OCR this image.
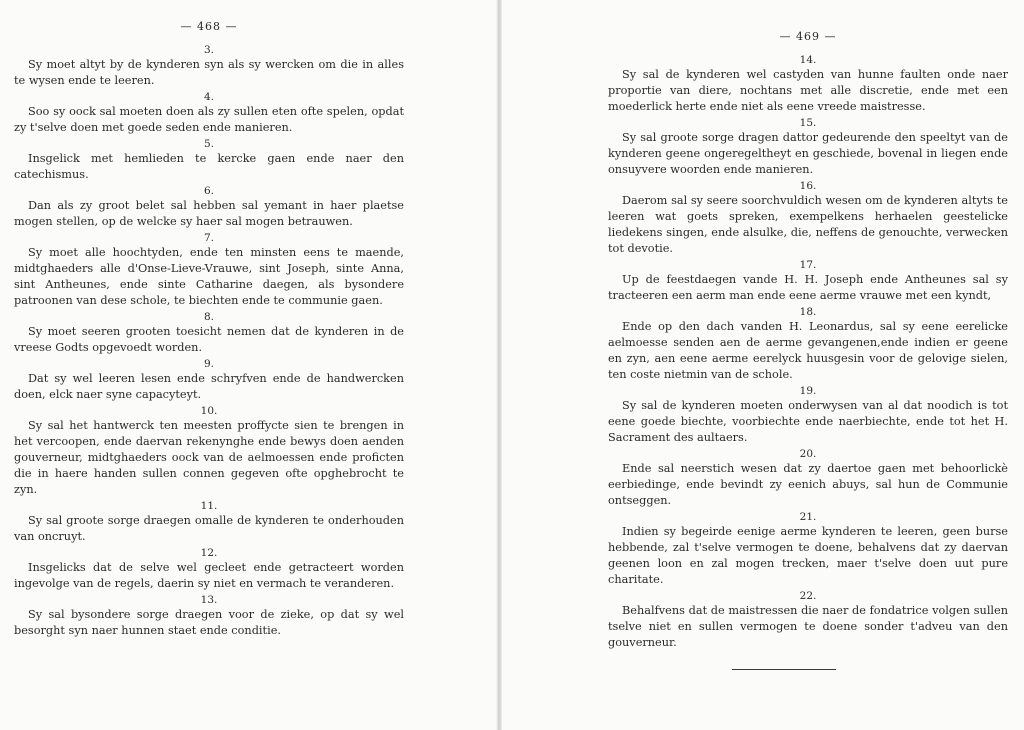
— 468 —
3.
Sy moet altyt by de kynderen syn als sy wercken om die in alles te wysen ende te leeren.
4.
Soo sy oock sal moeten doen als zy sullen eten ofte spelen, opdat zy t'selve doen met goede seden ende manieren.
5.
Insgelick met hemlieden te kercke gaen ende naer den catechismus.
6.
Dan als zy groot belet sal hebben sal yemant in haer plaetse mogen stellen, op de welcke sy haer sal mogen betrauwen.
7.
Sy moet alle hoochtyden, ende ten minsten eens te maende, midtghaeders alle d'Onse-Lieve-Vrauwe, sint Joseph, sinte Anna, sint Antheunes, ende sinte Catharine daegen, als bysondere patroonen van dese schole, te biechten ende te communie gaen.
8.
Sy moet seeren grooten toesicht nemen dat de kynderen in de vreese Godts opgevoedt worden.
9.
Dat sy wel leeren lesen ende schryfven ende de handwercken doen, elck naer syne capacyteyt.
10.
Sy sal het hantwerck ten meesten proffycte sien te brengen in het vercoopen, ende daervan rekenynghe ende bewys doen aenden gouverneur, midtghaeders oock van de aelmoessen ende proficten die in haere handen sullen connen gegeven ofte opghebrocht te zyn.
11.
Sy sal groote sorge draegen omalle de kynderen te onderhouden van oncruyt.
12.
Insgelicks dat de selve wel gecleet ende getracteert worden ingevolge van de regels, daerin sy niet en vermach te veranderen.
13.
Sy sal bysondere sorge draegen voor de zieke, op dat sy wel besorght syn naer hunnen staet ende conditie.
— 469 —
14.
Sy sal de kynderen wel castyden van hunne faulten onde naer proportie van diere, nochtans met alle discretie, ende met een moederlick herte ende niet als eene vreede maistresse.
15.
Sy sal groote sorge dragen dattor gedeurende den speeltyt van de kynderen geene ongeregeltheyt en geschiede, bovenal in liegen ende onsuyvere woorden ende manieren.
16.
Daerom sal sy seere soorchvuldich wesen om de kynderen altyts te leeren wat goets spreken, exempelkens herhaelen geestelicke liedekens singen, ende alsulke, die, neffens de genouchte, verwecken tot devotie.
17.
Up de feestdaegen vande H. H. Joseph ende Antheunes sal sy tracteeren een aerm man ende eene aerme vrauwe met een kyndt,
18.
Ende op den dach vanden H. Leonardus, sal sy eene eerelicke aelmoesse senden aen de aerme gevangenen,ende indien er geene en zyn, aen eene aerme eerelyck huusgesin voor de gelovige sielen, ten coste nietmin van de schole.
19.
Sy sal de kynderen moeten onderwysen van al dat noodich is tot eene goede biechte, voorbiechte ende naerbiechte, ende tot het H. Sacrament des aultaers.
20.
Ende sal neerstich wesen dat zy daertoe gaen met behoorlickè eerbiedinge, ende bevindt zy eenich abuys, sal hun de Communie ontseggen.
21.
Indien sy begeirde eenige aerme kynderen te leeren, geen burse hebbende, zal t'selve vermogen te doene, behalvens dat zy daervan geenen loon en zal mogen trecken, maer t'selve doen uut pure charitate.
22.
Behalfvens dat de maistressen die naer de fondatrice volgen sullen tselve niet en sullen vermogen te doene sonder t'adveu van den gouverneur.
